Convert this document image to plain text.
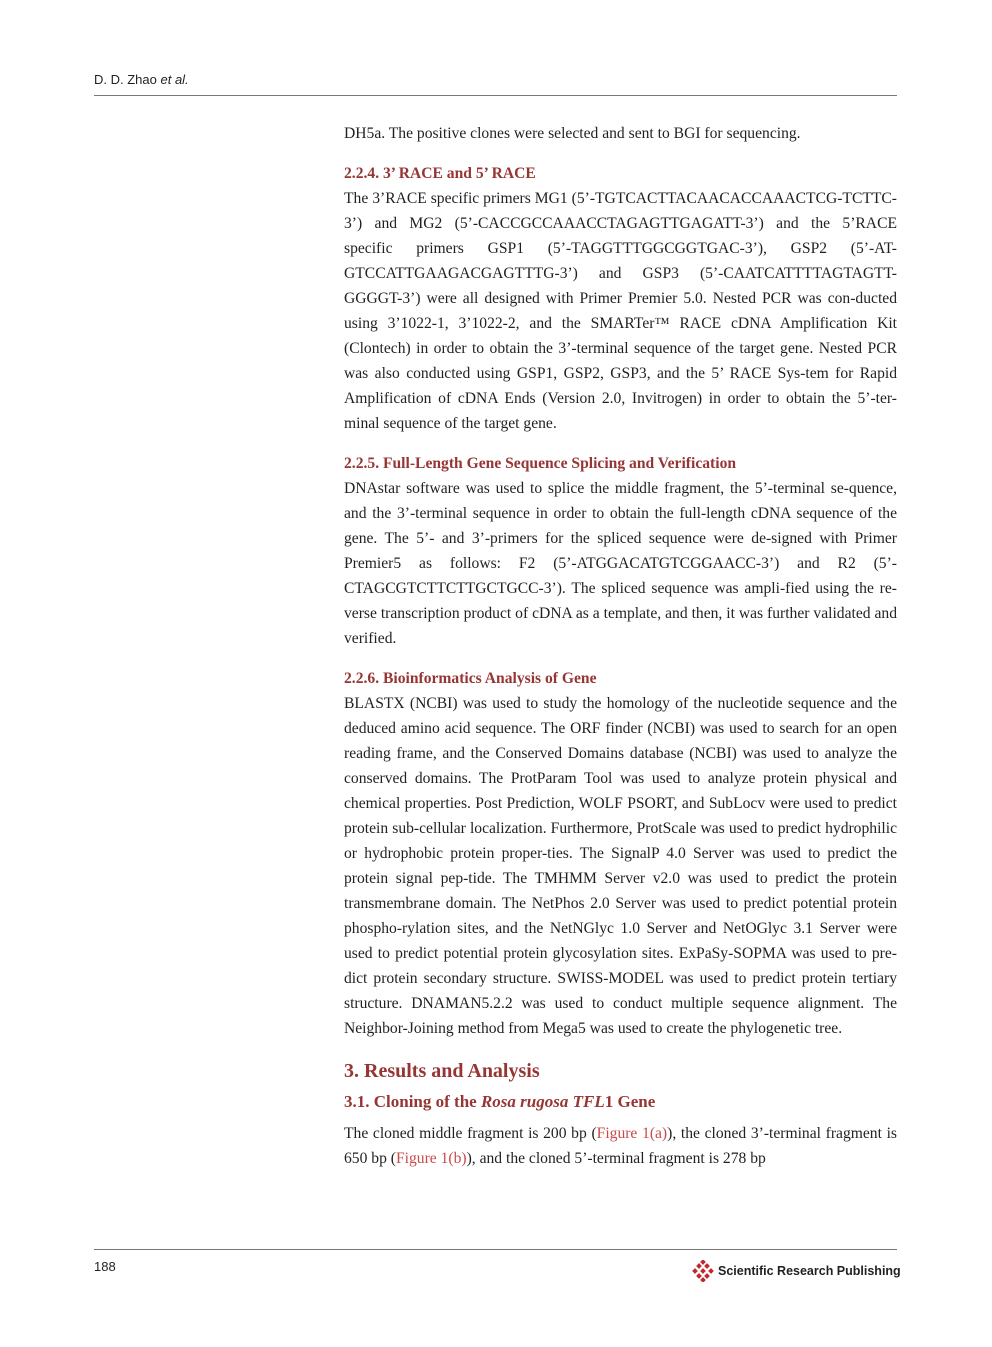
D. D. Zhao et al.

DH5a. The positive clones were selected and sent to BGI for sequencing.

2.2.4. 3’ RACE and 5’ RACE

The 3’RACE specific primers MG1 (5’-TGTCACTTACAACACCAAACTCG-TCTTC-3’) and MG2 (5’-CACCGCCAAACCTAGAGTTGAGATT-3’) and the 5’RACE specific primers GSP1 (5’-TAGGTTTGGCGGTGAC-3’), GSP2 (5’-AT-GTCCATTGAAGACGAGTTTG-3’) and GSP3 (5’-CAATCATTTTAGTAGTT-GGGGT-3’) were all designed with Primer Premier 5.0. Nested PCR was con-ducted using 3’1022-1, 3’1022-2, and the SMARTer™ RACE cDNA Amplification Kit (Clontech) in order to obtain the 3’-terminal sequence of the target gene. Nested PCR was also conducted using GSP1, GSP2, GSP3, and the 5’ RACE Sys-tem for Rapid Amplification of cDNA Ends (Version 2.0, Invitrogen) in order to obtain the 5’-ter-minal sequence of the target gene.

2.2.5. Full-Length Gene Sequence Splicing and Verification

DNAstar software was used to splice the middle fragment, the 5’-terminal se-quence, and the 3’-terminal sequence in order to obtain the full-length cDNA sequence of the gene. The 5’- and 3’-primers for the spliced sequence were de-signed with Primer Premier5 as follows: F2 (5’-ATGGACATGTCGGAACC-3’) and R2 (5’-CTAGCGTCTTCTTGCTGCC-3’). The spliced sequence was ampli-fied using the re-verse transcription product of cDNA as a template, and then, it was further validated and verified.

2.2.6. Bioinformatics Analysis of Gene

BLASTX (NCBI) was used to study the homology of the nucleotide sequence and the deduced amino acid sequence. The ORF finder (NCBI) was used to search for an open reading frame, and the Conserved Domains database (NCBI) was used to analyze the conserved domains. The ProtParam Tool was used to analyze protein physical and chemical properties. Post Prediction, WOLF PSORT, and SubLocv were used to predict protein sub-cellular localization. Furthermore, ProtScale was used to predict hydrophilic or hydrophobic protein proper-ties. The SignalP 4.0 Server was used to predict the protein signal pep-tide. The TMHMM Server v2.0 was used to predict the protein transmembrane domain. The NetPhos 2.0 Server was used to predict potential protein phospho-rylation sites, and the NetNGlyc 1.0 Server and NetOGlyc 3.1 Server were used to predict potential protein glycosylation sites. ExPaSy-SOPMA was used to pre-dict protein secondary structure. SWISS-MODEL was used to predict protein tertiary structure. DNAMAN5.2.2 was used to conduct multiple sequence alignment. The Neighbor-Joining method from Mega5 was used to create the phylogenetic tree.

3. Results and Analysis
3.1. Cloning of the Rosa rugosa TFL1 Gene

The cloned middle fragment is 200 bp (Figure 1(a)), the cloned 3’-terminal fragment is 650 bp (Figure 1(b)), and the cloned 5’-terminal fragment is 278 bp

188	Scientific Research Publishing
